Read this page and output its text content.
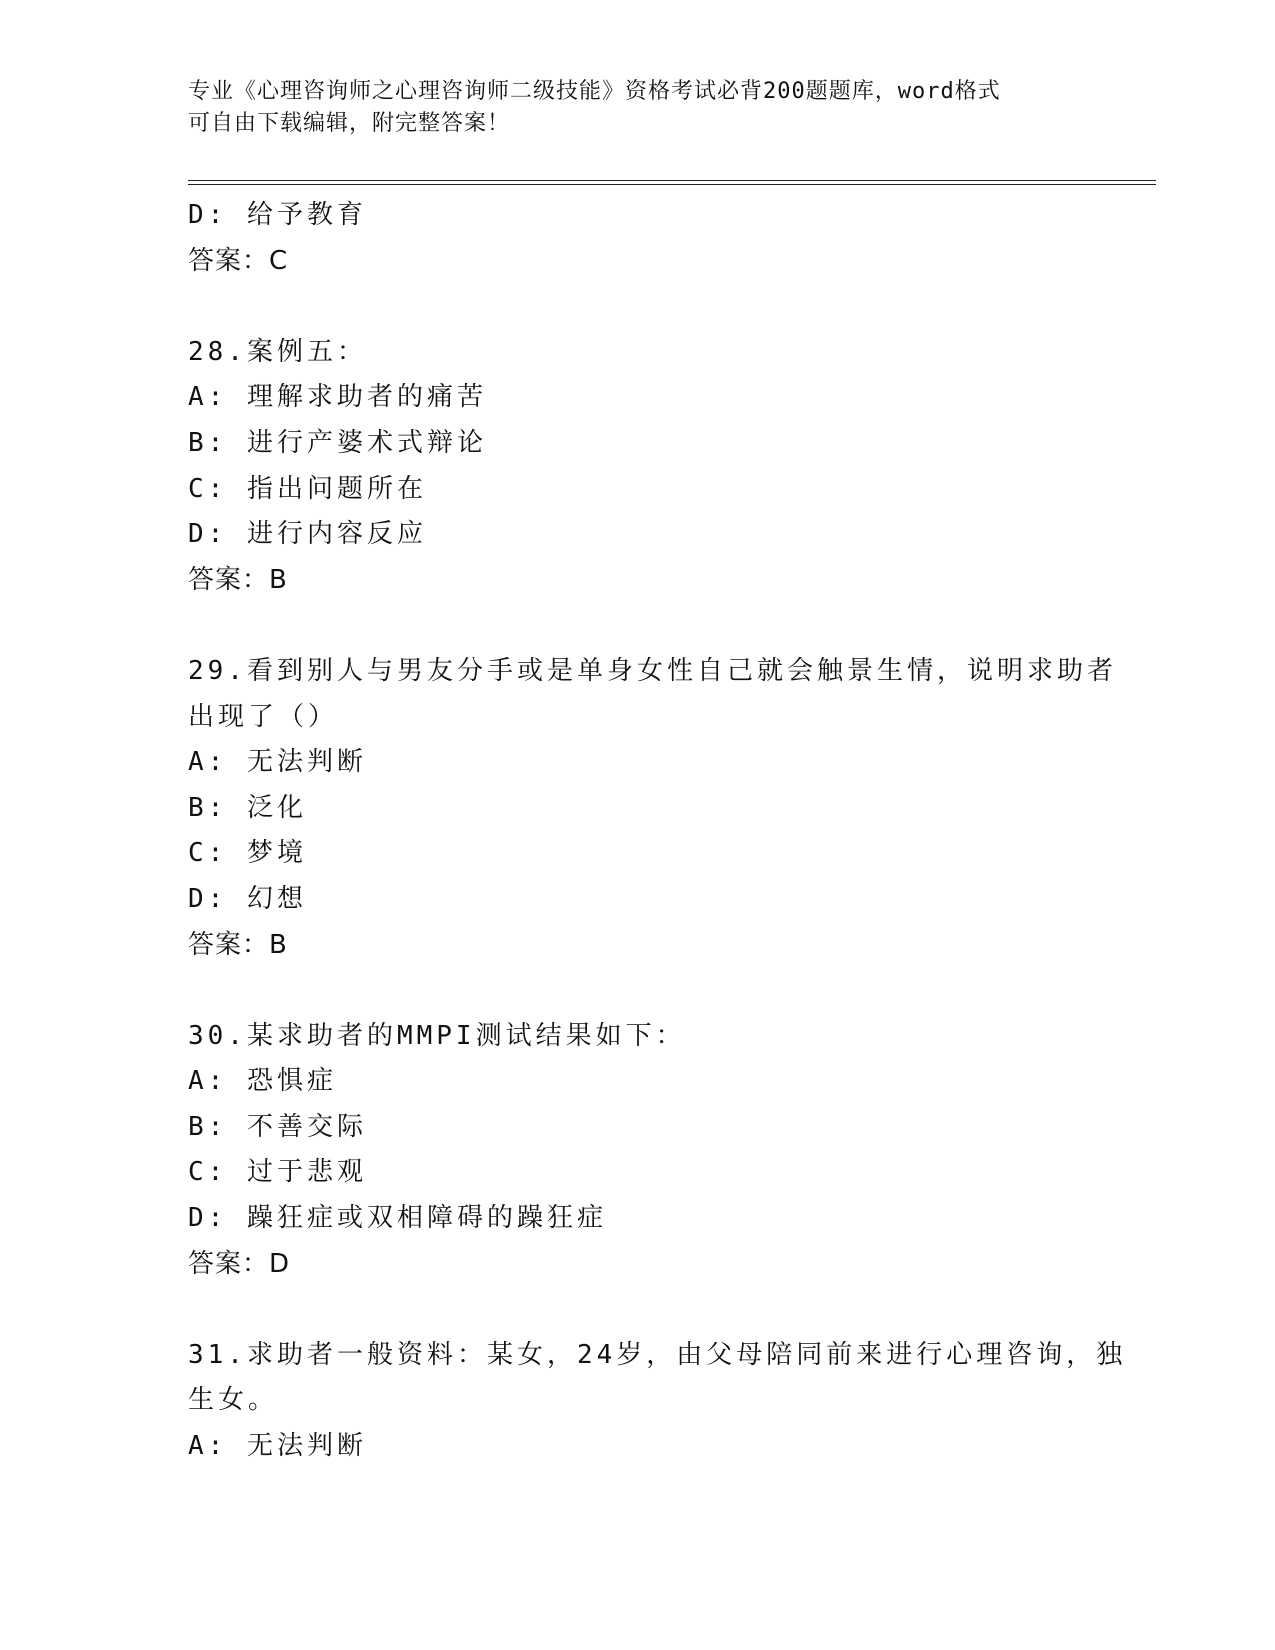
专业《心理咨询师之心理咨询师二级技能》资格考试必背200题题库，word格式

可自由下载编辑，附完整答案！

D: 给予教育
答案：C
28.案例五：
A: 理解求助者的痛苦
B: 进行产婆术式辩论
C: 指出问题所在
D: 进行内容反应
答案：B
29.看到别人与男友分手或是单身女性自己就会触景生情，说明求助者
出现了（）
A: 无法判断
B: 泛化
C: 梦境
D: 幻想
答案：B
30.某求助者的MMPI测试结果如下：
A: 恐惧症
B: 不善交际
C: 过于悲观
D: 躁狂症或双相障碍的躁狂症
答案：D
31.求助者一般资料：某女，24岁，由父母陪同前来进行心理咨询，独
生女。
A: 无法判断
